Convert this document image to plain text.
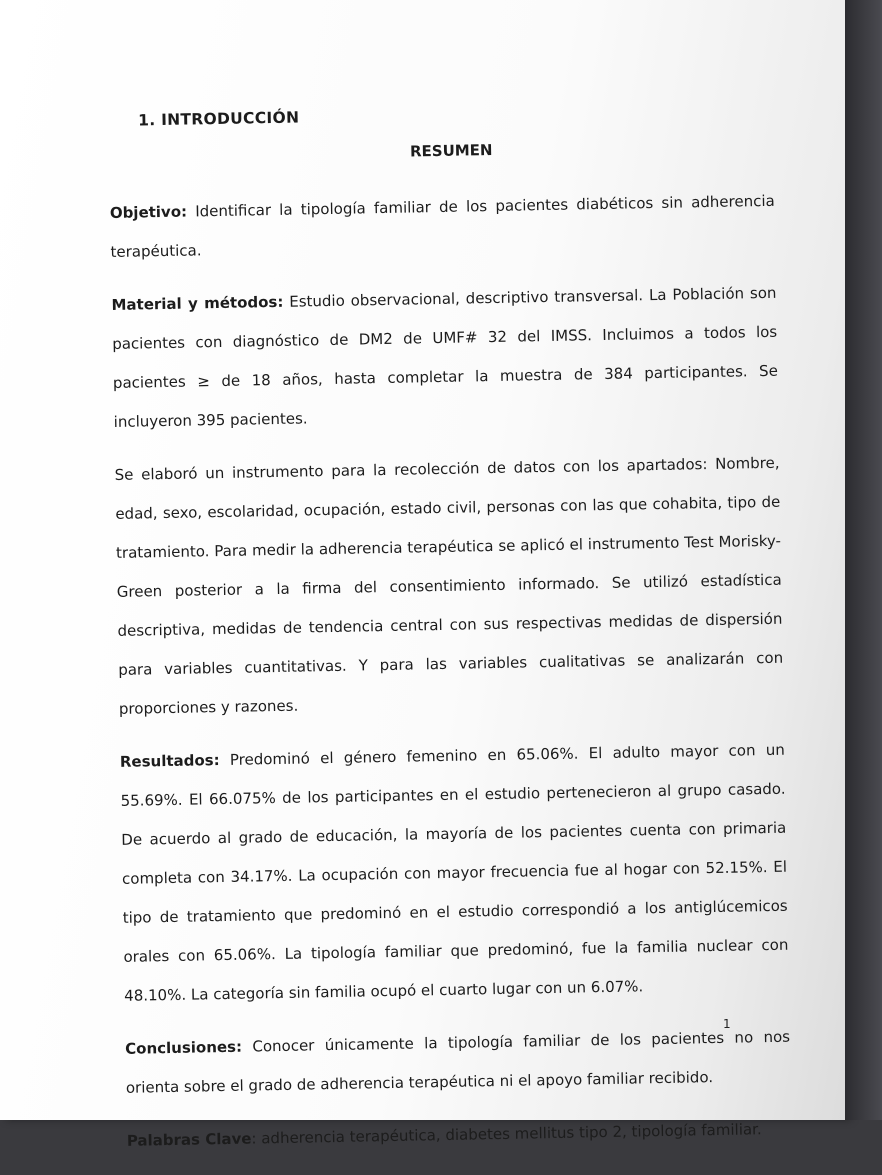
1. INTRODUCCIÓN
RESUMEN

Objetivo: Identificar la tipología familiar de los pacientes diabéticos sin adherencia terapéutica.

Material y métodos: Estudio observacional, descriptivo transversal. La Población son pacientes con diagnóstico de DM2 de UMF# 32 del IMSS. Incluimos a todos los pacientes ≥ de 18 años, hasta completar la muestra de 384 participantes. Se incluyeron 395 pacientes.

Se elaboró un instrumento para la recolección de datos con los apartados: Nombre, edad, sexo, escolaridad, ocupación, estado civil, personas con las que cohabita, tipo de tratamiento. Para medir la adherencia terapéutica se aplicó el instrumento Test Morisky-Green posterior a la firma del consentimiento informado. Se utilizó estadística descriptiva, medidas de tendencia central con sus respectivas medidas de dispersión para variables cuantitativas. Y para las variables cualitativas se analizarán con proporciones y razones.

Resultados: Predominó el género femenino en 65.06%. El adulto mayor con un 55.69%. El 66.075% de los participantes en el estudio pertenecieron al grupo casado. De acuerdo al grado de educación, la mayoría de los pacientes cuenta con primaria completa con 34.17%. La ocupación con mayor frecuencia fue al hogar con 52.15%. El tipo de tratamiento que predominó en el estudio correspondió a los antiglúcemicos orales con 65.06%. La tipología familiar que predominó, fue la familia nuclear con 48.10%. La categoría sin familia ocupó el cuarto lugar con un 6.07%.

Conclusiones: Conocer únicamente la tipología familiar de los pacientes no nos orienta sobre el grado de adherencia terapéutica ni el apoyo familiar recibido.

Palabras Clave: adherencia terapéutica, diabetes mellitus tipo 2, tipología familiar.

1
